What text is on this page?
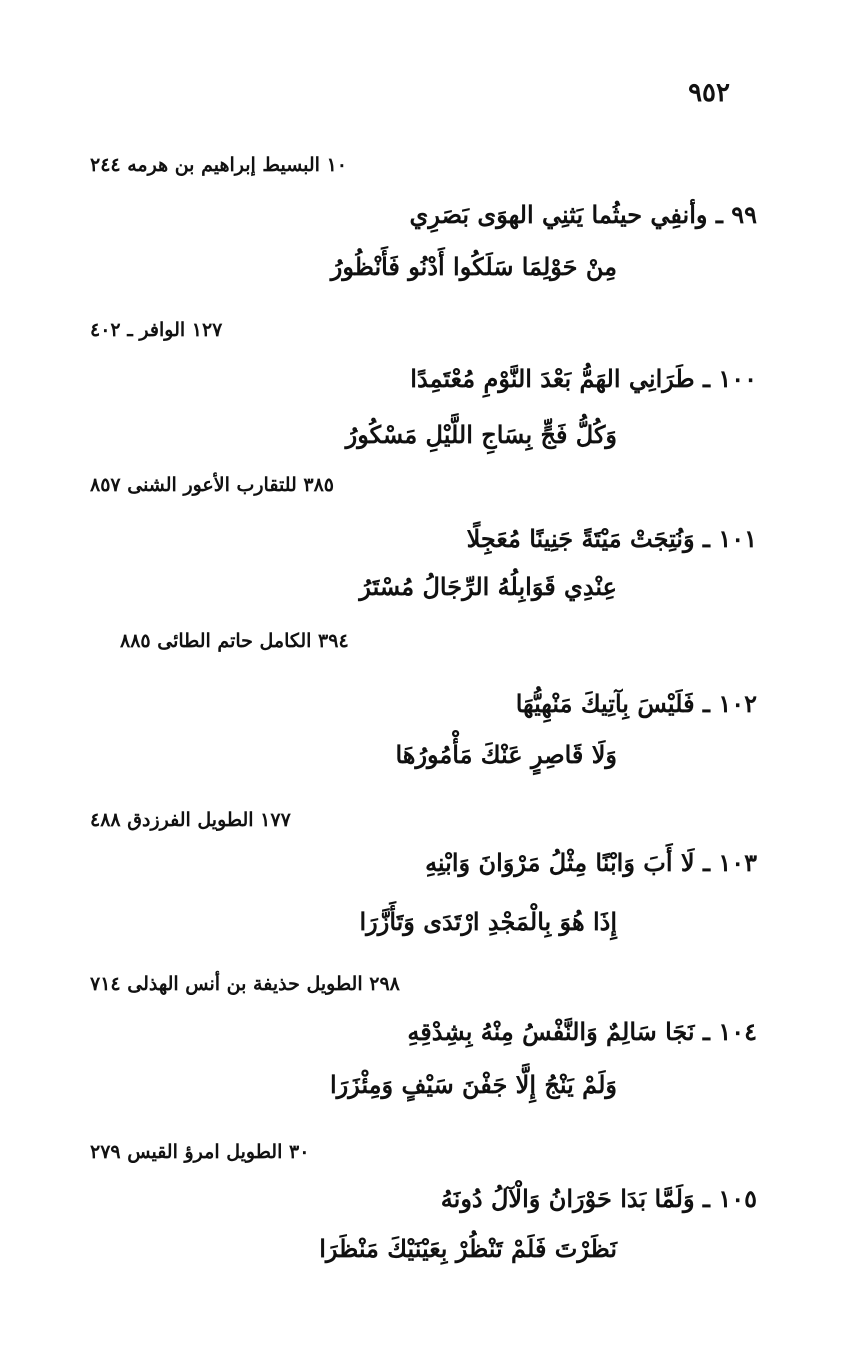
٩٥٢
١٠ البسيط إبراهيم بن هرمه ٢٤٤
٩٩ ـ وأنفِي حيثُما يَثنِي الهوَى بَصَرِي
مِنْ حَوْلِمَا سَلَكُوا أَدْنُو فَأَنْظُورُ
١٢٧ الوافر ـ ٤٠٢
١٠٠ ـ طَرَانِي الهَمُّ بَعْدَ النَّوْمِ مُعْتَمِدًا
وَكُلُّ فَجٍّ بِسَاجِ اللَّيْلِ مَسْكُورُ
٣٨٥ للتقارب الأعور الشنى ٨٥٧
١٠١ ـ وَنُتِجَتْ مَيْتَةً جَنِينًا مُعَجِلًا
عِنْدِي قَوَابِلُهُ الرِّجَالُ مُسْتَرُ
٣٩٤ الكامل حاتم الطائى ٨٨٥
١٠٢ ـ فَلَيْسَ بِآتِيكَ مَنْهِيُّهَا
وَلَا قَاصِرٍ عَنْكَ مَأْمُورُهَا
١٧٧ الطويل الفرزدق ٤٨٨
١٠٣ ـ لَا أَبَ وَابْنًا مِثْلُ مَرْوَانَ وَابْنِهِ
إِذَا هُوَ بِالْمَجْدِ ارْتَدَى وَتَأَزَّرَا
٢٩٨ الطويل حذيفة بن أنس الهذلى ٧١٤
١٠٤ ـ نَجَا سَالِمٌ وَالنَّفْسُ مِنْهُ بِشِدْقِهِ
وَلَمْ يَنْجُ إِلَّا جَفْنَ سَيْفٍ وَمِئْزَرَا
٣٠ الطويل امرؤ القيس ٢٧٩
١٠٥ ـ وَلَمَّا بَدَا حَوْرَانُ وَالْآلُ دُونَهُ
نَظَرْتَ فَلَمْ تَنْظُرْ بِعَيْنَيْكَ مَنْظَرَا
